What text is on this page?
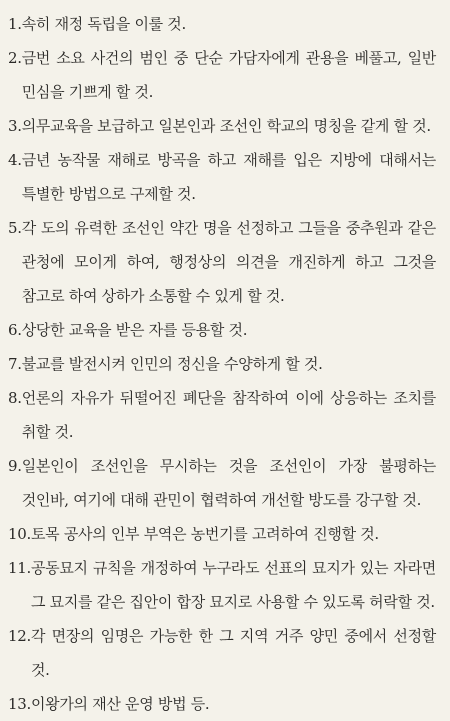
1. 속히 재정 독립을 이룰 것.
2. 금번 소요 사건의 범인 중 단순 가담자에게 관용을 베풀고, 일반 민심을 기쁘게 할 것.
3. 의무교육을 보급하고 일본인과 조선인 학교의 명칭을 같게 할 것.
4. 금년 농작물 재해로 방곡을 하고 재해를 입은 지방에 대해서는 특별한 방법으로 구제할 것.
5. 각 도의 유력한 조선인 약간 명을 선정하고 그들을 중추원과 같은 관청에 모이게 하여, 행정상의 의견을 개진하게 하고 그것을 참고로 하여 상하가 소통할 수 있게 할 것.
6. 상당한 교육을 받은 자를 등용할 것.
7. 불교를 발전시켜 인민의 정신을 수양하게 할 것.
8. 언론의 자유가 뒤떨어진 폐단을 참작하여 이에 상응하는 조치를 취할 것.
9. 일본인이 조선인을 무시하는 것을 조선인이 가장 불평하는 것인바, 여기에 대해 관민이 협력하여 개선할 방도를 강구할 것.
10. 토목 공사의 인부 부역은 농번기를 고려하여 진행할 것.
11. 공동묘지 규칙을 개정하여 누구라도 선표의 묘지가 있는 자라면 그 묘지를 같은 집안이 합장 묘지로 사용할 수 있도록 허락할 것.
12. 각 면장의 임명은 가능한 한 그 지역 거주 양민 중에서 선정할 것.
13. 이왕가의 재산 운영 방법 등.
